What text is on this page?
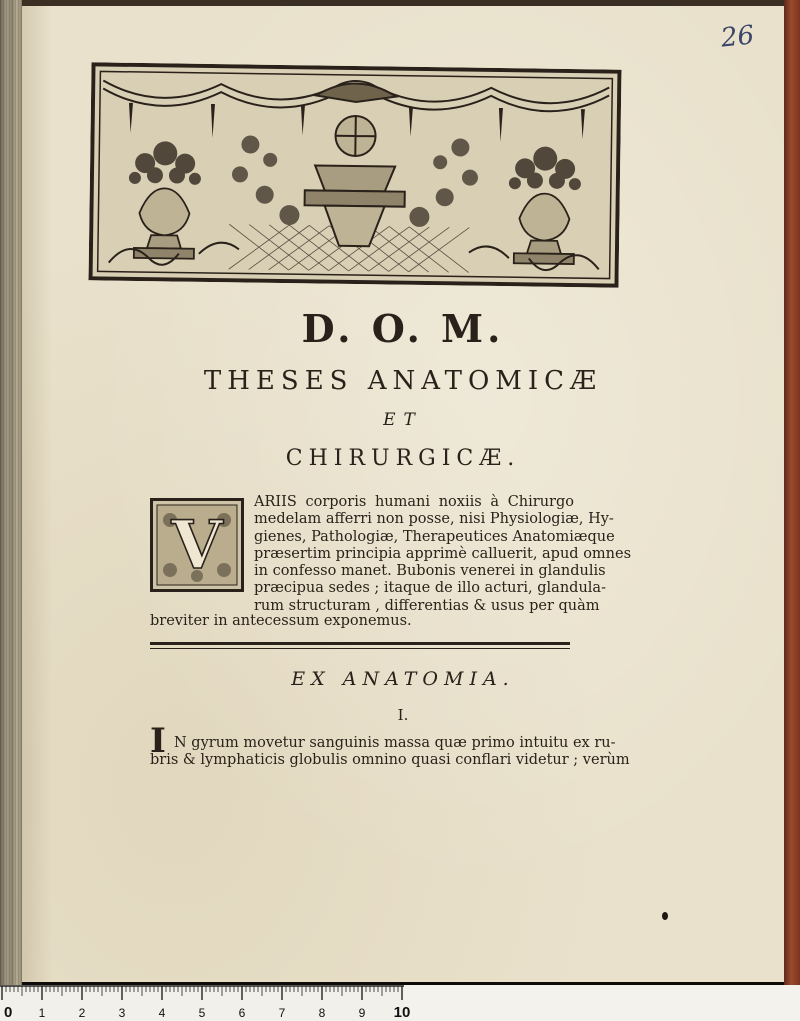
26
D. O. M.
THESES ANATOMICÆ
ET
CHIRURGICÆ.
V
ARIIS corporis humani noxiis à Chirurgo
medelam afferri non posse, nisi Physiologiæ, Hy-
gienes, Pathologiæ, Therapeutices Anatomiæque
præsertim principia apprimè calluerit, apud omnes
in confesso manet. Bubonis venerei in glandulis
præcipua sedes ; itaque de illo acturi, glandula-
rum structuram , differentias & usus per quàm
breviter in antecessum exponemus.
EX ANATOMIA.
I.
I N gyrum movetur sanguinis massa quæ primo intuitu ex ru-
bris & lymphaticis globulis omnino quasi conflari videtur ; verùm
0 1	2	3	4	5	6	7	8	9 10
